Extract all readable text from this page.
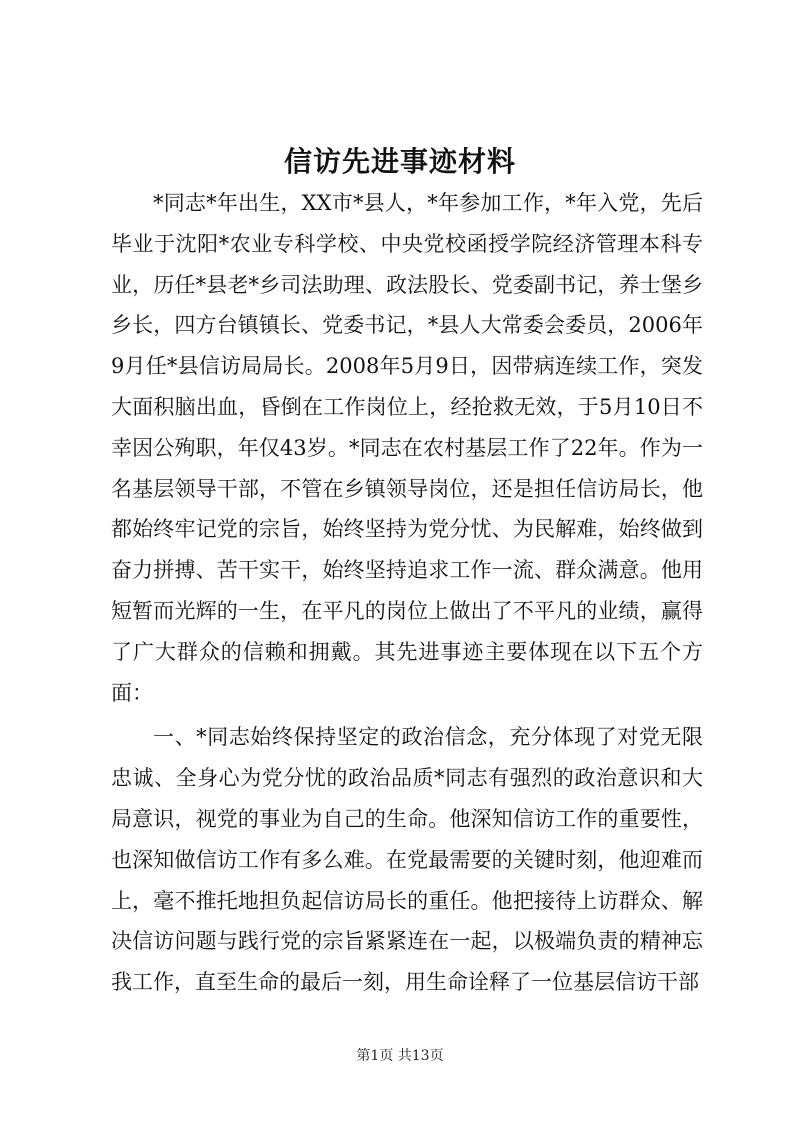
信访先进事迹材料

*同志*年出生，XX市*县人，*年参加工作，*年入党，先后毕业于沈阳*农业专科学校、中央党校函授学院经济管理本科专业，历任*县老*乡司法助理、政法股长、党委副书记，养士堡乡乡长，四方台镇镇长、党委书记，*县人大常委会委员，2006年9月任*县信访局局长。2008年5月9日，因带病连续工作，突发大面积脑出血，昏倒在工作岗位上，经抢救无效，于5月10日不幸因公殉职，年仅43岁。*同志在农村基层工作了22年。作为一名基层领导干部，不管在乡镇领导岗位，还是担任信访局长，他都始终牢记党的宗旨，始终坚持为党分忧、为民解难，始终做到奋力拼搏、苦干实干，始终坚持追求工作一流、群众满意。他用短暂而光辉的一生，在平凡的岗位上做出了不平凡的业绩，赢得了广大群众的信赖和拥戴。其先进事迹主要体现在以下五个方面：

一、*同志始终保持坚定的政治信念，充分体现了对党无限忠诚、全身心为党分忧的政治品质*同志有强烈的政治意识和大局意识，视党的事业为自己的生命。他深知信访工作的重要性，也深知做信访工作有多么难。在党最需要的关键时刻，他迎难而上，毫不推托地担负起信访局长的重任。他把接待上访群众、解决信访问题与践行党的宗旨紧紧连在一起，以极端负责的精神忘我工作，直至生命的最后一刻，用生命诠释了一位基层信访干部

第1页 共13页
